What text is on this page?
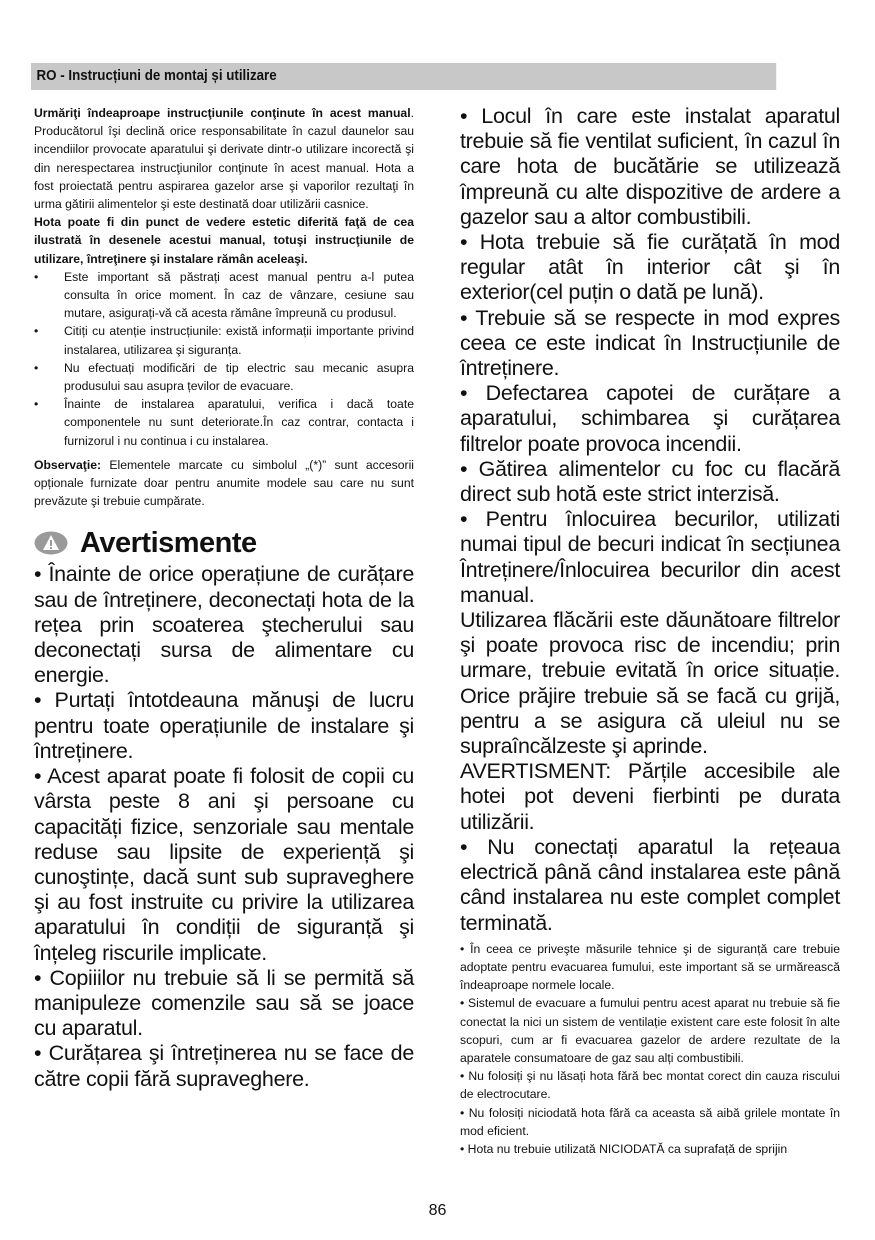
RO - Instrucțiuni de montaj și utilizare

Urmăriţi îndeaproape instrucţiunile conţinute în acest manual. Producătorul îşi declină orice responsabilitate în cazul daunelor sau incendiilor provocate aparatului şi derivate dintr-o utilizare incorectă şi din nerespectarea instrucţiunilor conţinute în acest manual. Hota a fost proiectată pentru aspirarea gazelor arse şi vaporilor rezultaţi în urma gătirii alimentelor şi este destinată doar utilizării casnice.

Hota poate fi din punct de vedere estetic diferită faţă de cea ilustrată în desenele acestui manual, totuşi instrucţiunile de utilizare, întreţinere şi instalare rămân aceleaşi.

• Este important să păstrați acest manual pentru a-l putea consulta în orice moment. În caz de vânzare, cesiune sau mutare, asigurați-vă că acesta rămâne împreună cu produsul.
• Citiți cu atenție instrucțiunile: există informații importante privind instalarea, utilizarea şi siguranța.
• Nu efectuați modificări de tip electric sau mecanic asupra produsului sau asupra țevilor de evacuare.
• Înainte de instalarea aparatului, verifica i dacă toate componentele nu sunt deteriorate.În caz contrar, contacta i furnizorul i nu continua i cu instalarea.

Observaţie: Elementele marcate cu simbolul „(*)” sunt accesorii opționale furnizate doar pentru anumite modele sau care nu sunt prevăzute şi trebuie cumpărate.

Avertismente

• Înainte de orice operațiune de curățare sau de întreținere, deconectați hota de la rețea prin scoaterea ştecherului sau deconectați sursa de alimentare cu energie.

• Purtați întotdeauna mănuşi de lucru pentru toate operațiunile de instalare şi întreținere.

• Acest aparat poate fi folosit de copii cu vârsta peste 8 ani şi persoane cu capacități fizice, senzoriale sau mentale reduse sau lipsite de experiență şi cunoştințe, dacă sunt sub supraveghere şi au fost instruite cu privire la utilizarea aparatului în condiții de siguranță şi înțeleg riscurile implicate.

• Copiiilor nu trebuie să li se permită să manipuleze comenzile sau să se joace cu aparatul.

• Curățarea şi întreținerea nu se face de către copii fără supraveghere.

• Locul în care este instalat aparatul trebuie să fie ventilat suficient, în cazul în care hota de bucătărie se utilizează împreună cu alte dispozitive de ardere a gazelor sau a altor combustibili.

• Hota trebuie să fie curățată în mod regular atât în interior cât şi în exterior(cel puțin o dată pe lună).

• Trebuie să se respecte in mod expres ceea ce este indicat în Instrucțiunile de întreținere.

• Defectarea capotei de curățare a aparatului, schimbarea şi curățarea filtrelor poate provoca incendii.

• Gătirea alimentelor cu foc cu flacără direct sub hotă este strict interzisă.

• Pentru înlocuirea becurilor, utilizati numai tipul de becuri indicat în secțiunea Întreținere/Înlocuirea becurilor din acest manual.

Utilizarea flăcării este dăunătoare filtrelor şi poate provoca risc de incendiu; prin urmare, trebuie evitată în orice situație. Orice prăjire trebuie să se facă cu grijă, pentru a se asigura că uleiul nu se supraîncălzeste şi aprinde.

AVERTISMENT: Părțile accesibile ale hotei pot deveni fierbinti pe durata utilizării.

• Nu conectați aparatul la rețeaua electrică până când instalarea este până când instalarea nu este complet complet terminată.

• În ceea ce priveşte măsurile tehnice şi de siguranță care trebuie adoptate pentru evacuarea fumului, este important să se urmărească îndeaproape normele locale.

• Sistemul de evacuare a fumului pentru acest aparat nu trebuie să fie conectat la nici un sistem de ventilație existent care este folosit în alte scopuri, cum ar fi evacuarea gazelor de ardere rezultate de la aparatele consumatoare de gaz sau alți combustibili.

• Nu folosiți şi nu lăsați hota fără bec montat corect din cauza riscului de electrocutare.

• Nu folosiți niciodată hota fără ca aceasta să aibă grilele montate în mod eficient.

• Hota nu trebuie utilizată NICIODATĂ ca suprafață de sprijin

86
